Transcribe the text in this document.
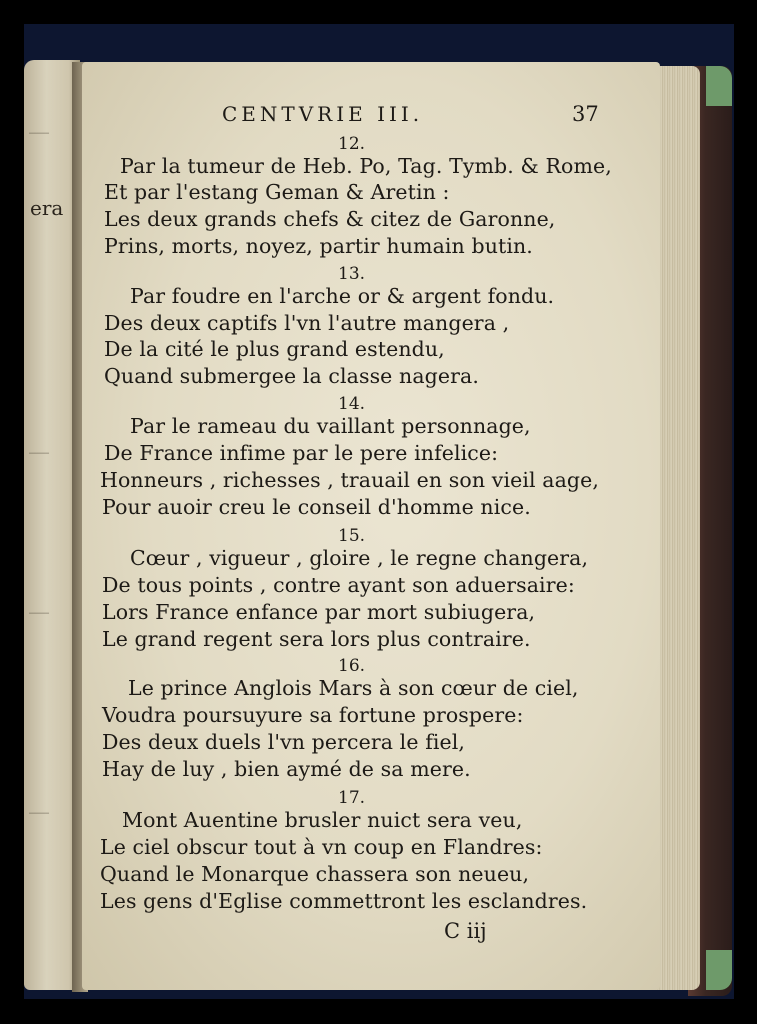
era
—
—
—
—
CENTVRIE III.	37
12.
Par la tumeur de Heb. Po, Tag. Tymb. & Rome,
Et par l'estang Geman & Aretin :
Les deux grands chefs & citez de Garonne,
Prins, morts, noyez, partir humain butin.
13.
Par foudre en l'arche or & argent fondu.
Des deux captifs l'vn l'autre mangera ,
De la cité le plus grand estendu,
Quand submergee la classe nagera.
14.
Par le rameau du vaillant personnage,
De France infime par le pere infelice:
Honneurs , richesses , trauail en son vieil aage,
Pour auoir creu le conseil d'homme nice.
15.
Cœur , vigueur , gloire , le regne changera,
De tous points , contre ayant son aduersaire:
Lors France enfance par mort subiugera,
Le grand regent sera lors plus contraire.
16.
Le prince Anglois Mars à son cœur de ciel,
Voudra poursuyure sa fortune prospere:
Des deux duels l'vn percera le fiel,
Hay de luy , bien aymé de sa mere.
17.
Mont Auentine brusler nuict sera veu,
Le ciel obscur tout à vn coup en Flandres:
Quand le Monarque chassera son neueu,
Les gens d'Eglise commettront les esclandres.
C iij
